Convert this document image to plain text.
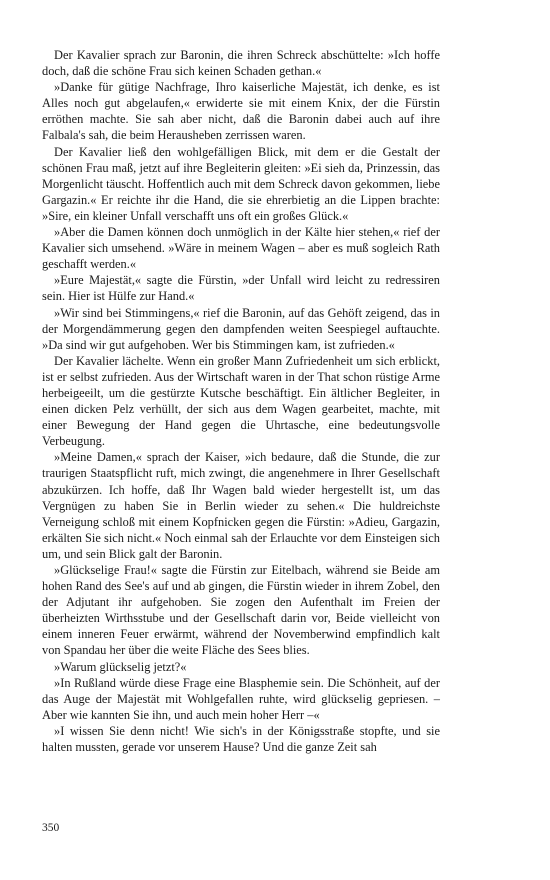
Der Kavalier sprach zur Baronin, die ihren Schreck abschüttelte: »Ich hoffe doch, daß die schöne Frau sich keinen Schaden gethan.«

»Danke für gütige Nachfrage, Ihro kaiserliche Majestät, ich denke, es ist Alles noch gut abgelaufen,« erwiderte sie mit einem Knix, der die Fürstin erröthen machte. Sie sah aber nicht, daß die Baronin dabei auch auf ihre Falbala's sah, die beim Herausheben zerrissen waren.

Der Kavalier ließ den wohlgefälligen Blick, mit dem er die Gestalt der schönen Frau maß, jetzt auf ihre Begleiterin gleiten: »Ei sieh da, Prinzessin, das Morgenlicht täuscht. Hoffentlich auch mit dem Schreck davon gekommen, liebe Gargazin.« Er reichte ihr die Hand, die sie ehrerbietig an die Lippen brachte: »Sire, ein kleiner Unfall verschafft uns oft ein großes Glück.«

»Aber die Damen können doch unmöglich in der Kälte hier stehen,« rief der Kavalier sich umsehend. »Wäre in meinem Wagen – aber es muß sogleich Rath geschafft werden.«

»Eure Majestät,« sagte die Fürstin, »der Unfall wird leicht zu redressiren sein. Hier ist Hülfe zur Hand.«

»Wir sind bei Stimmingens,« rief die Baronin, auf das Gehöft zeigend, das in der Morgendämmerung gegen den dampfenden weiten Seespiegel auftauchte. »Da sind wir gut aufgehoben. Wer bis Stimmingen kam, ist zufrieden.«

Der Kavalier lächelte. Wenn ein großer Mann Zufriedenheit um sich erblickt, ist er selbst zufrieden. Aus der Wirtschaft waren in der That schon rüstige Arme herbeigeeilt, um die gestürzte Kutsche beschäftigt. Ein ältlicher Begleiter, in einen dicken Pelz verhüllt, der sich aus dem Wagen gearbeitet, machte, mit einer Bewegung der Hand gegen die Uhrtasche, eine bedeutungsvolle Verbeugung.

»Meine Damen,« sprach der Kaiser, »ich bedaure, daß die Stunde, die zur traurigen Staatspflicht ruft, mich zwingt, die angenehmere in Ihrer Gesellschaft abzukürzen. Ich hoffe, daß Ihr Wagen bald wieder hergestellt ist, um das Vergnügen zu haben Sie in Berlin wieder zu sehen.« Die huldreichste Verneigung schloß mit einem Kopfnicken gegen die Fürstin: »Adieu, Gargazin, erkälten Sie sich nicht.« Noch einmal sah der Erlauchte vor dem Einsteigen sich um, und sein Blick galt der Baronin.

»Glückselige Frau!« sagte die Fürstin zur Eitelbach, während sie Beide am hohen Rand des See's auf und ab gingen, die Fürstin wieder in ihrem Zobel, den der Adjutant ihr aufgehoben. Sie zogen den Aufenthalt im Freien der überheizten Wirthsstube und der Gesellschaft darin vor, Beide vielleicht von einem inneren Feuer erwärmt, während der Novemberwind empfindlich kalt von Spandau her über die weite Fläche des Sees blies.

»Warum glückselig jetzt?«

»In Rußland würde diese Frage eine Blasphemie sein. Die Schönheit, auf der das Auge der Majestät mit Wohlgefallen ruhte, wird glückselig gepriesen. – Aber wie kannten Sie ihn, und auch mein hoher Herr –«

»I wissen Sie denn nicht! Wie sich's in der Königsstraße stopfte, und sie halten mussten, gerade vor unserem Hause? Und die ganze Zeit sah

350
